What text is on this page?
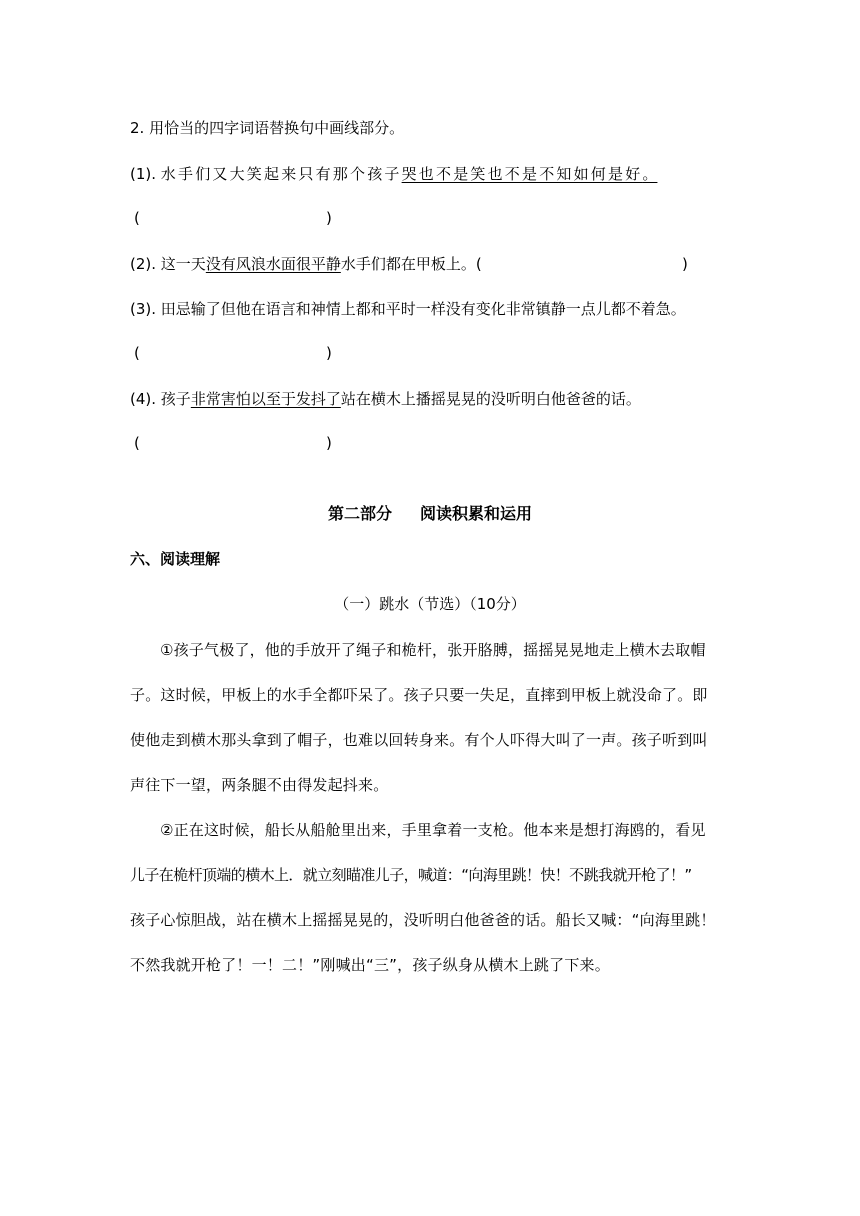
2. 用恰当的四字词语替换句中画线部分。
(1). 水手们又大笑起来只有那个孩子哭也不是笑也不是不知如何是好。
(	)
(2). 这一天没有风浪水面很平静水手们都在甲板上。(	)
(3). 田忌输了但他在语言和神情上都和平时一样没有变化非常镇静一点儿都不着急。
(	)
(4). 孩子非常害怕以至于发抖了站在横木上播摇晃晃的没听明白他爸爸的话。
(	)
第二部分 阅读积累和运用
六、阅读理解
（一）跳水（节选）（10分）
①孩子气极了，他的手放开了绳子和桅杆，张开胳膊，摇摇晃晃地走上横木去取帽
子。这时候，甲板上的水手全都吓呆了。孩子只要一失足，直摔到甲板上就没命了。即
使他走到横木那头拿到了帽子，也难以回转身来。有个人吓得大叫了一声。孩子听到叫
声往下一望，两条腿不由得发起抖来。
②正在这时候，船长从船舱里出来，手里拿着一支枪。他本来是想打海鸥的，看见
儿子在桅杆顶端的横木上．就立刻瞄准儿子，喊道：“向海里跳！快！不跳我就开枪了！”
孩子心惊胆战，站在横木上摇摇晃晃的，没听明白他爸爸的话。船长又喊：“向海里跳！
不然我就开枪了！一！二！”刚喊出“三”，孩子纵身从横木上跳了下来。
